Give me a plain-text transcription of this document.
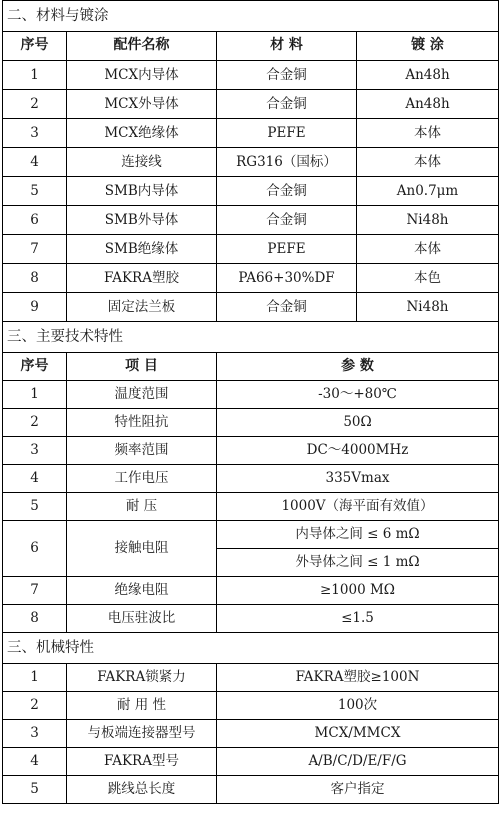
二、材料与镀涂			
序号	配件名称	材 料	镀 涂
1	MCX内导体	合金铜	An48h
2	MCX外导体	合金铜	An48h
3	MCX绝缘体	PEFE	本体
4	连接线	RG316（国标）	本体
5	SMB内导体	合金铜	An0.7μm
6	SMB外导体	合金铜	Ni48h
7	SMB绝缘体	PEFE	本体
8	FAKRA塑胶	PA66+30%DF	本色
9	固定法兰板	合金铜	Ni48h
三、主要技术特性			
序号	项 目	参 数	
1	温度范围	-30～+80℃	
2	特性阻抗	50Ω	
3	频率范围	DC～4000MHz	
4	工作电压	335Vmax	
5	耐 压	1000V（海平面有效值）	
6	接触电阻	内导体之间 ≤ 6 mΩ	
		外导体之间 ≤ 1 mΩ	
7	绝缘电阻	≥1000 MΩ	
8	电压驻波比	≤1.5	
三、机械特性			
1	FAKRA锁紧力	FAKRA塑胶≥100N	
2	耐 用 性	100次	
3	与板端连接器型号	MCX/MMCX	
4	FAKRA型号	A/B/C/D/E/F/G	
5	跳线总长度	客户指定	
